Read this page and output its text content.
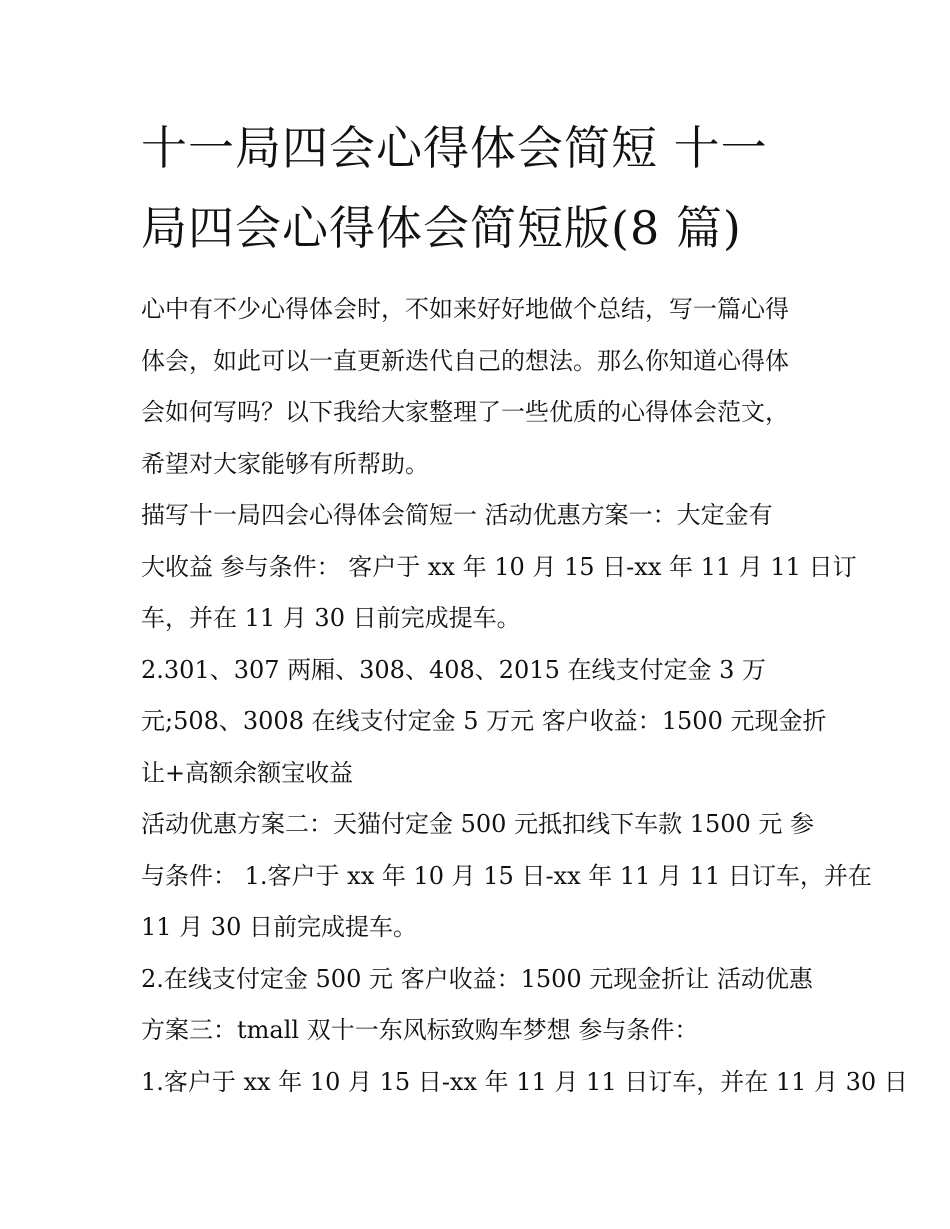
十一局四会心得体会简短 十一
局四会心得体会简短版(8 篇)

心中有不少心得体会时，不如来好好地做个总结，写一篇心得

体会，如此可以一直更新迭代自己的想法。那么你知道心得体

会如何写吗？以下我给大家整理了一些优质的心得体会范文，

希望对大家能够有所帮助。

描写十一局四会心得体会简短一 活动优惠方案一：大定金有

大收益 参与条件： 客户于 xx 年 10 月 15 日-xx 年 11 月 11 日订

车，并在 11 月 30 日前完成提车。

2.301、307 两厢、308、408、2015 在线支付定金 3 万

元;508、3008 在线支付定金 5 万元 客户收益：1500 元现金折

让+高额余额宝收益

活动优惠方案二：天猫付定金 500 元抵扣线下车款 1500 元 参

与条件： 1.客户于 xx 年 10 月 15 日-xx 年 11 月 11 日订车，并在

11 月 30 日前完成提车。

2.在线支付定金 500 元 客户收益：1500 元现金折让 活动优惠

方案三：tmall 双十一东风标致购车梦想 参与条件：

1.客户于 xx 年 10 月 15 日-xx 年 11 月 11 日订车，并在 11 月 30 日
